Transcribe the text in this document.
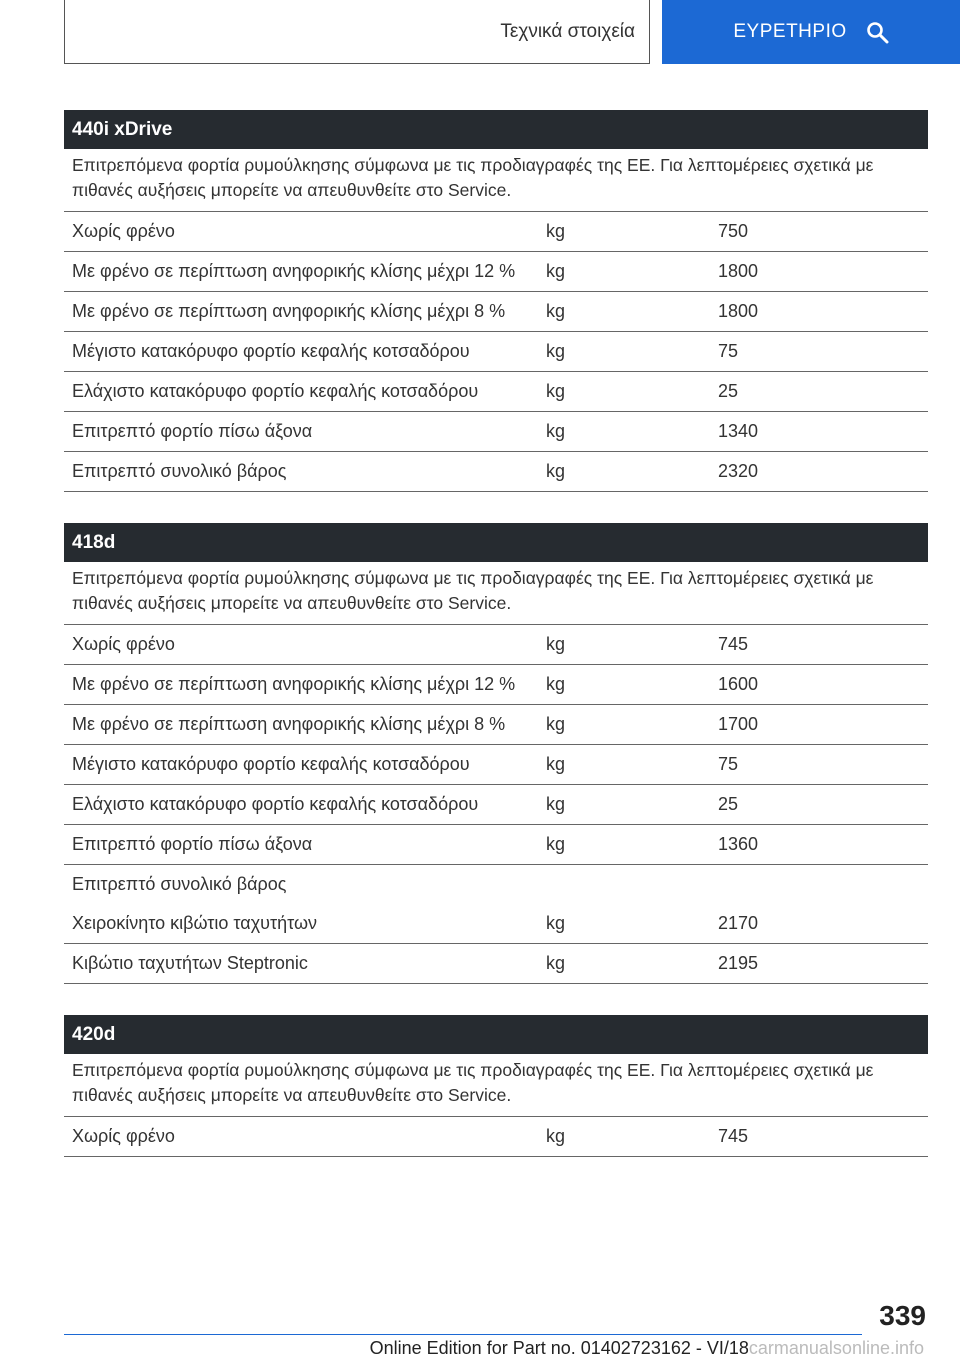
Τεχνικά στοιχεία	ΕΥΡΕΤΗΡΙΟ
440i xDrive
Επιτρεπόμενα φορτία ρυμούλκησης σύμφωνα με τις προδιαγραφές της ΕΕ. Για λεπτομέρειες σχετικά με πιθανές αυξήσεις μπορείτε να απευθυνθείτε στο Service.
Χωρίς φρένο	kg	750
Με φρένο σε περίπτωση ανηφορικής κλίσης μέχρι 12 %	kg	1800
Με φρένο σε περίπτωση ανηφορικής κλίσης μέχρι 8 %	kg	1800
Μέγιστο κατακόρυφο φορτίο κεφαλής κοτσαδόρου	kg	75
Ελάχιστο κατακόρυφο φορτίο κεφαλής κοτσαδόρου	kg	25
Επιτρεπτό φορτίο πίσω άξονα	kg	1340
Επιτρεπτό συνολικό βάρος	kg	2320
418d
Επιτρεπόμενα φορτία ρυμούλκησης σύμφωνα με τις προδιαγραφές της ΕΕ. Για λεπτομέρειες σχετικά με πιθανές αυξήσεις μπορείτε να απευθυνθείτε στο Service.
Χωρίς φρένο	kg	745
Με φρένο σε περίπτωση ανηφορικής κλίσης μέχρι 12 %	kg	1600
Με φρένο σε περίπτωση ανηφορικής κλίσης μέχρι 8 %	kg	1700
Μέγιστο κατακόρυφο φορτίο κεφαλής κοτσαδόρου	kg	75
Ελάχιστο κατακόρυφο φορτίο κεφαλής κοτσαδόρου	kg	25
Επιτρεπτό φορτίο πίσω άξονα	kg	1360
Επιτρεπτό συνολικό βάρος
Χειροκίνητο κιβώτιο ταχυτήτων	kg	2170
Κιβώτιο ταχυτήτων Steptronic	kg	2195
420d
Επιτρεπόμενα φορτία ρυμούλκησης σύμφωνα με τις προδιαγραφές της ΕΕ. Για λεπτομέρειες σχετικά με πιθανές αυξήσεις μπορείτε να απευθυνθείτε στο Service.
Χωρίς φρένο	kg	745
339
Online Edition for Part no. 01402723162 - VI/18carmanualsonline.info
